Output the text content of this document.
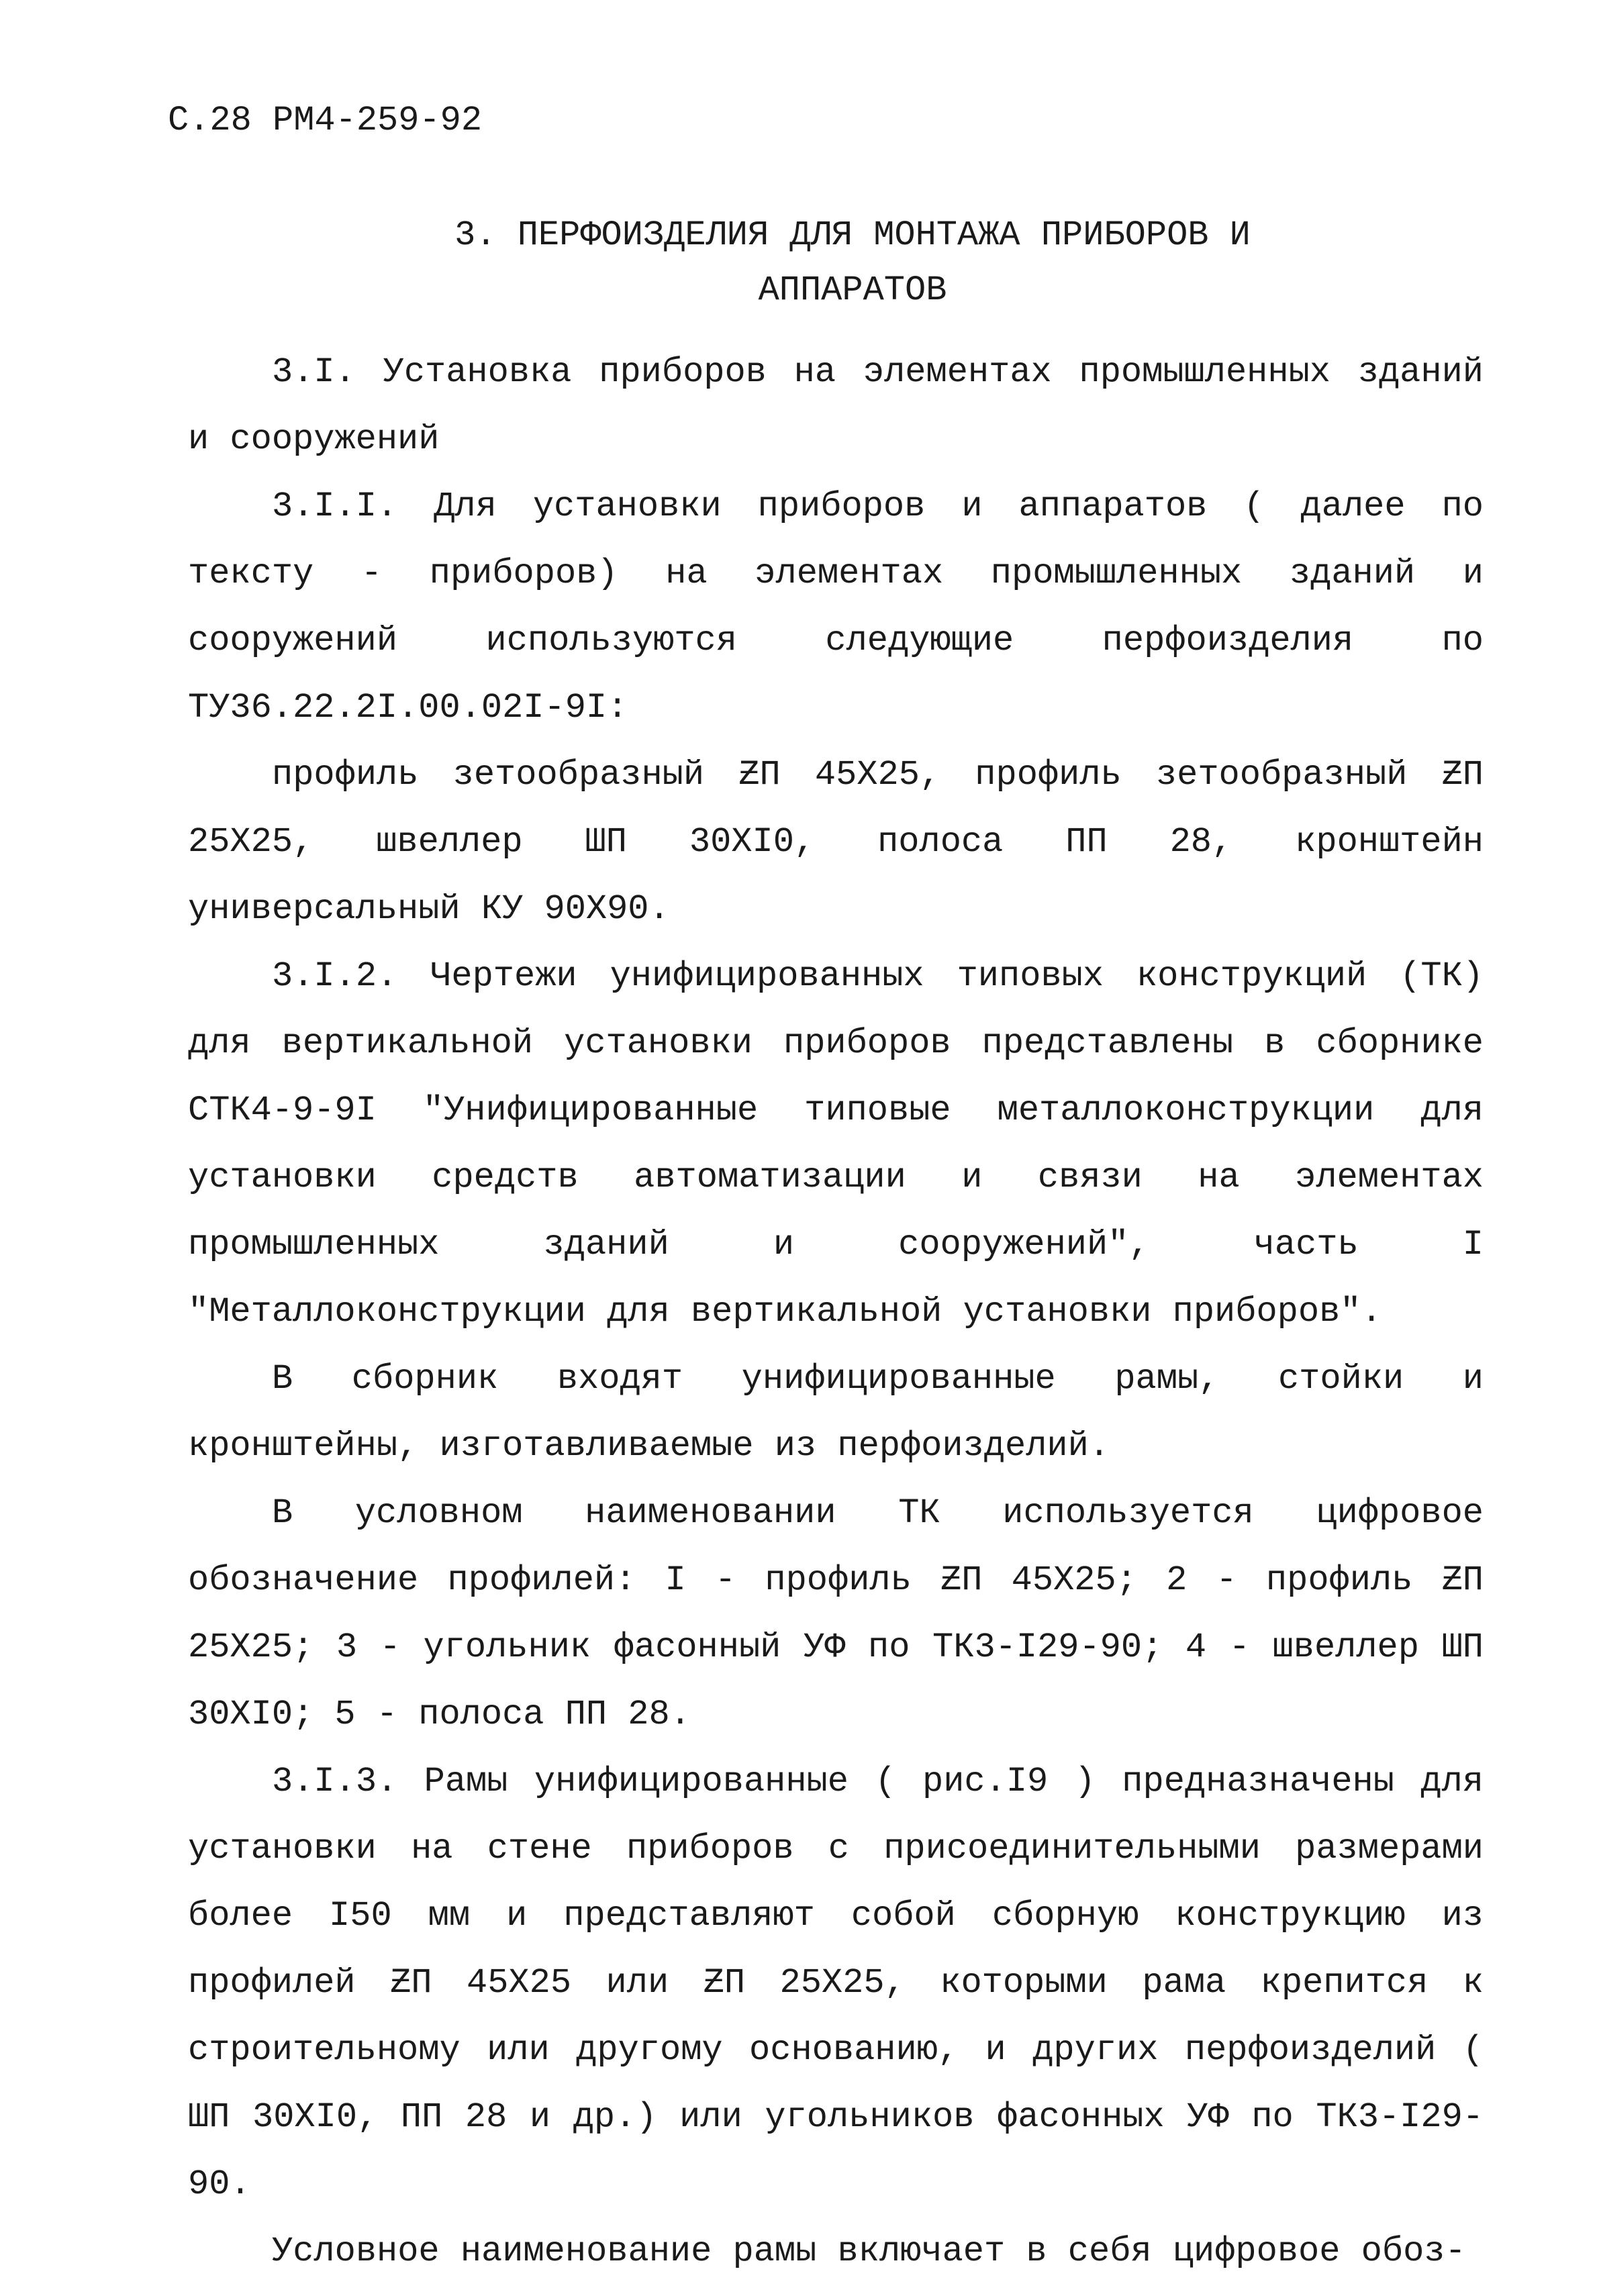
С.28 РМ4-259-92
3. ПЕРФОИЗДЕЛИЯ ДЛЯ МОНТАЖА ПРИБОРОВ И
АППАРАТОВ

3.I. Установка приборов на элементах промышленных зданий и сооружений

3.I.I. Для установки приборов и аппаратов ( далее по тексту - приборов) на элементах промышленных зданий и сооружений используются следующие перфоизделия по ТУ36.22.2I.00.02I-9I:

профиль зетообразный ƵП 45Х25, профиль зетообразный ƵП 25Х25, швеллер ШП 30ХI0, полоса ПП 28, кронштейн универсальный КУ 90Х90.

3.I.2. Чертежи унифицированных типовых конструкций (ТК) для вертикальной установки приборов представлены в сборнике СТК4-9-9I "Унифицированные типовые металлоконструкции для установки средств автоматизации и связи на элементах промышленных зданий и сооружений", часть I "Металлоконструкции для вертикальной установки приборов".

В сборник входят унифицированные рамы, стойки и кронштейны, изготавливаемые из перфоизделий.

В условном наименовании ТК используется цифровое обозначение профилей: I - профиль ƵП 45Х25; 2 - профиль ƵП 25Х25; 3 - угольник фасонный УФ по ТК3-I29-90; 4 - швеллер ШП 30ХI0; 5 - полоса ПП 28.

3.I.3. Рамы унифицированные ( рис.I9 ) предназначены для установки на стене приборов с присоединительными размерами более I50 мм и представляют собой сборную конструкцию из профилей ƵП 45Х25 или ƵП 25Х25, которыми рама крепится к строительному или другому основанию, и других перфоизделий ( ШП 30ХI0, ПП 28 и др.) или угольников фасонных УФ по ТК3-I29-90.

Условное наименование рамы включает в себя цифровое обоз-
